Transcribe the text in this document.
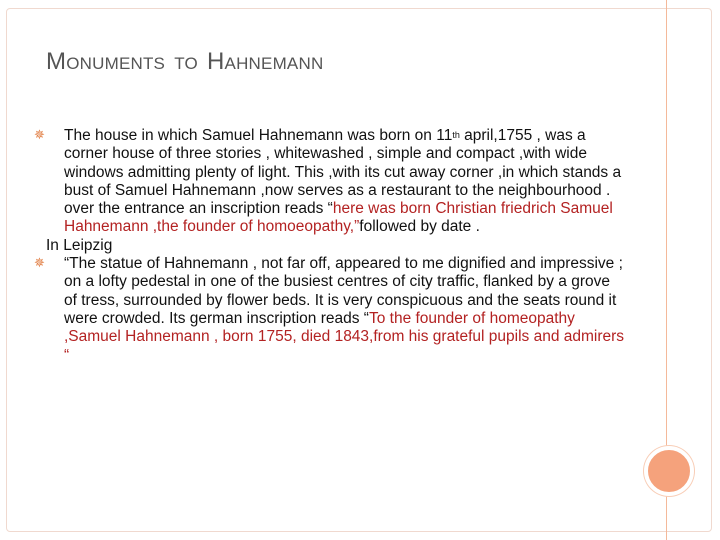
MONUMENTS TO HAHNEMANN
✵ The house in which Samuel Hahnemann was born on 11th april,1755 , was a corner house of three stories , whitewashed , simple and compact ,with wide windows admitting plenty of light. This ,with its cut away corner ,in which stands a bust of Samuel Hahnemann ,now serves as a restaurant to the neighbourhood . over the entrance an inscription reads “here was born Christian friedrich Samuel Hahnemann ,the founder of homoeopathy,”followed by date .
In Leipzig
✵ “The statue of Hahnemann , not far off, appeared to me dignified and impressive ; on a lofty pedestal in one of the busiest centres of city traffic, flanked by a grove of tress, surrounded by flower beds. It is very conspicuous and the seats round it were crowded. Its german inscription reads “To the founder of homeopathy ,Samuel Hahnemann , born 1755, died 1843,from his grateful pupils and admirers “
